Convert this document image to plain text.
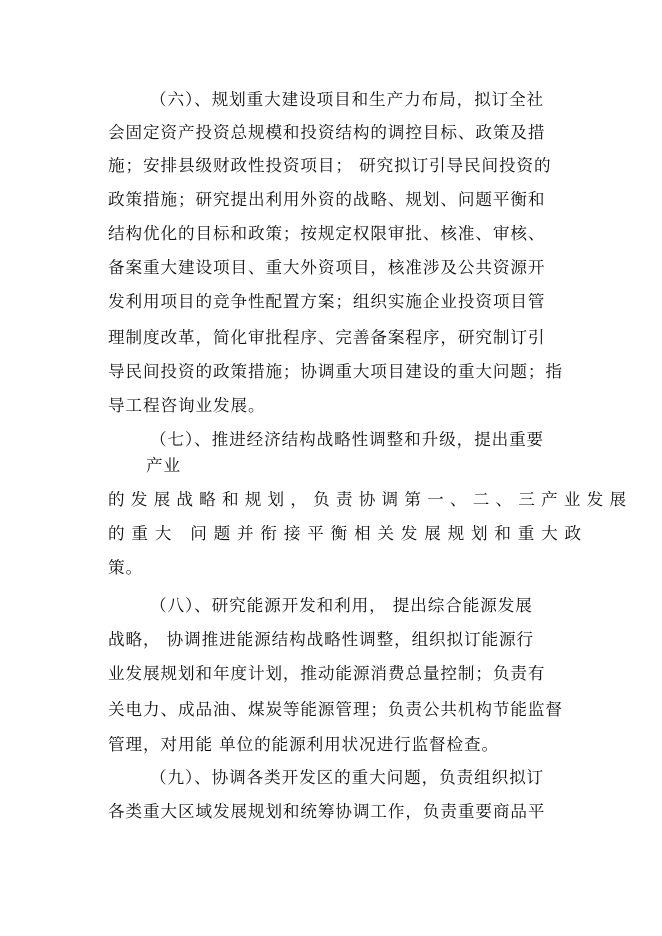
（六）、规划重大建设项目和生产力布局，拟订全社
会固定资产投资总规模和投资结构的调控目标、政策及措
施；安排县级财政性投资项目； 研究拟订引导民间投资的
政策措施；研究提出利用外资的战略、规划、问题平衡和
结构优化的目标和政策；按规定权限审批、核准、审核、
备案重大建设项目、重大外资项目，核准涉及公共资源开
发利用项目的竞争性配置方案；组织实施企业投资项目管
理制度改革，简化审批程序、完善备案程序，研究制订引
导民间投资的政策措施；协调重大项目建设的重大问题；指
导工程咨询业发展。
（七）、推进经济结构战略性调整和升级，提出重要
产业
的发展战略和规划，负责协调第一、二、三产业发展
的重大 问题并衔接平衡相关发展规划和重大政
策。
（八）、研究能源开发和利用， 提出综合能源发展
战略， 协调推进能源结构战略性调整，组织拟订能源行
业发展规划和年度计划，推动能源消费总量控制；负责有
关电力、成品油、煤炭等能源管理；负责公共机构节能监督
管理，对用能 单位的能源利用状况进行监督检查。
（九）、协调各类开发区的重大问题，负责组织拟订
各类重大区域发展规划和统筹协调工作，负责重要商品平
